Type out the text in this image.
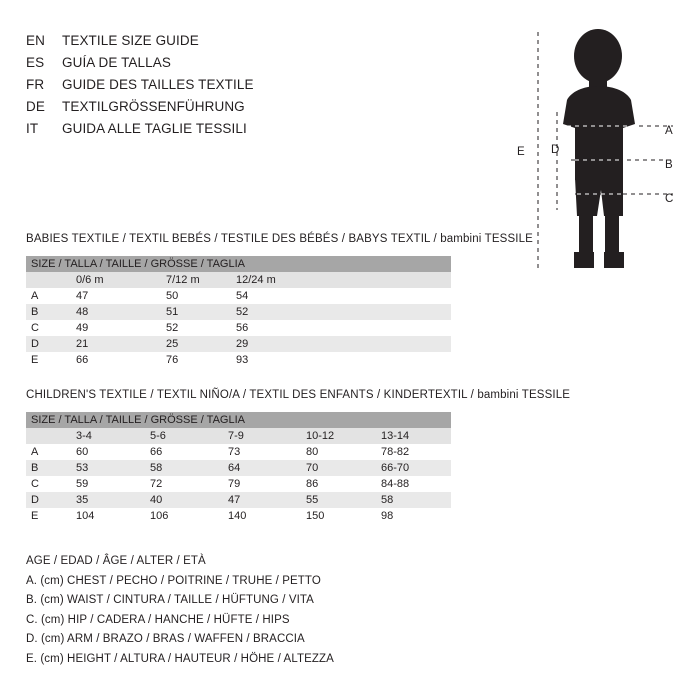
EN	TEXTILE SIZE GUIDE
ES	GUÍA DE TALLAS
FR	GUIDE DES TAILLES TEXTILE
DE	TEXTILGRÖSSENFÜHRUNG
IT	GUIDA ALLE TAGLIE TESSILI	A
B
C
D
E
BABIES TEXTILE / TEXTIL BEBÉS / TESTILE DES BÉBÉS / BABYS TEXTIL / bambini TESSILE
SIZE / TALLA / TAILLE / GRÖSSE / TAGLIA			
	0/6 m	7/12 m	12/24 m
A	47	50	54
B	48	51	52
C	49	52	56
D	21	25	29
E	66	76	93
CHILDREN'S TEXTILE / TEXTIL NIÑO/A / TEXTIL DES ENFANTS / KINDERTEXTIL / bambini TESSILE
SIZE / TALLA / TAILLE / GRÖSSE / TAGLIA					
	3-4	5-6	7-9	10-12	13-14
A	60	66	73	80	78-82
B	53	58	64	70	66-70
C	59	72	79	86	84-88
D	35	40	47	55	58
E	104	106	140	150	98
AGE / EDAD / ÂGE / ALTER / ETÀ
A. (cm) CHEST / PECHO / POITRINE / TRUHE / PETTO
B. (cm) WAIST / CINTURA / TAILLE / HÜFTUNG / VITA
C. (cm) HIP / CADERA / HANCHE / HÜFTE / HIPS
D. (cm) ARM / BRAZO / BRAS / WAFFEN / BRACCIA
E. (cm) HEIGHT / ALTURA / HAUTEUR / HÖHE / ALTEZZA
